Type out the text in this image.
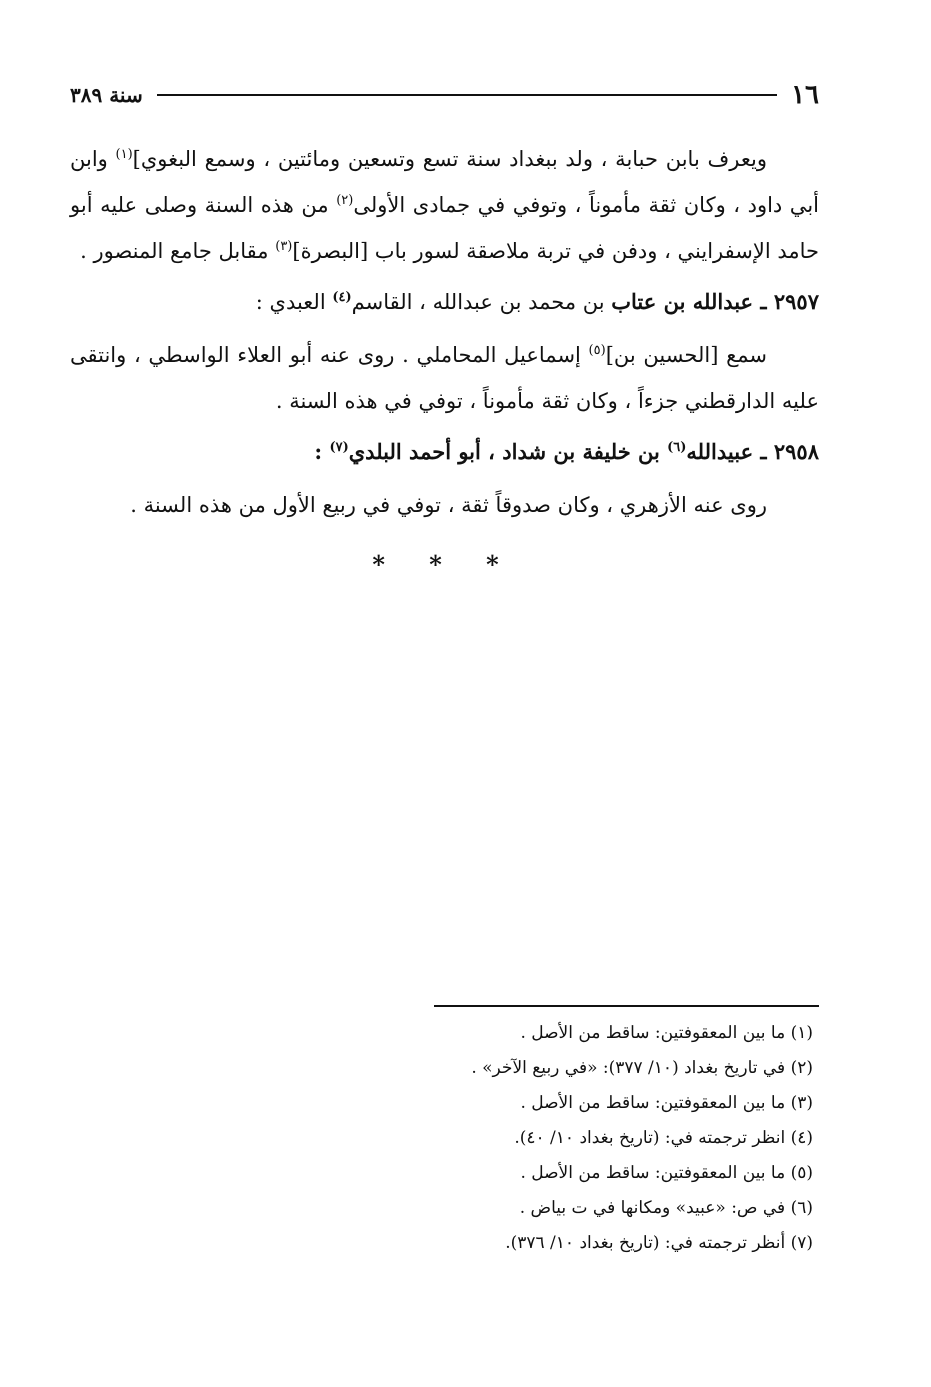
١٦
سنة ٣٨٩

ويعرف بابن حبابة ، ولد ببغداد سنة تسع وتسعين ومائتين ، وسمع البغوي]$^{(١)}$ وابن أبي داود ، وكان ثقة مأموناً ، وتوفي في جمادى الأولى$^{(٢)}$ من هذه السنة وصلى عليه أبو حامد الإسفرايني ، ودفن في تربة ملاصقة لسور باب [البصرة]$^{(٣)}$ مقابل جامع المنصور .

٢٩٥٧ ـ عبدالله بن عتاب بن محمد بن عبدالله ، القاسم$^{(٤)}$ العبدي :

سمع [الحسين بن]$^{(٥)}$ إسماعيل المحاملي . روى عنه أبو العلاء الواسطي ، وانتقى عليه الدارقطني جزءاً ، وكان ثقة مأموناً ، توفي في هذه السنة .

٢٩٥٨ ـ عبيدالله$^{(٦)}$ بن خليفة بن شداد ، أبو أحمد البلدي$^{(٧)}$ :

روى عنه الأزهري ، وكان صدوقاً ثقة ، توفي في ربيع الأول من هذه السنة .

* * *

(١) ما بين المعقوفتين: ساقط من الأصل .

(٢) في تاريخ بغداد (١٠/ ٣٧٧): «في ربيع الآخر» .

(٣) ما بين المعقوفتين: ساقط من الأصل .

(٤) انظر ترجمته في: (تاريخ بغداد ١٠/ ٤٠).

(٥) ما بين المعقوفتين: ساقط من الأصل .

(٦) في ص: «عبيد» ومكانها في ت بياض .

(٧) أنظر ترجمته في: (تاريخ بغداد ١٠/ ٣٧٦).
